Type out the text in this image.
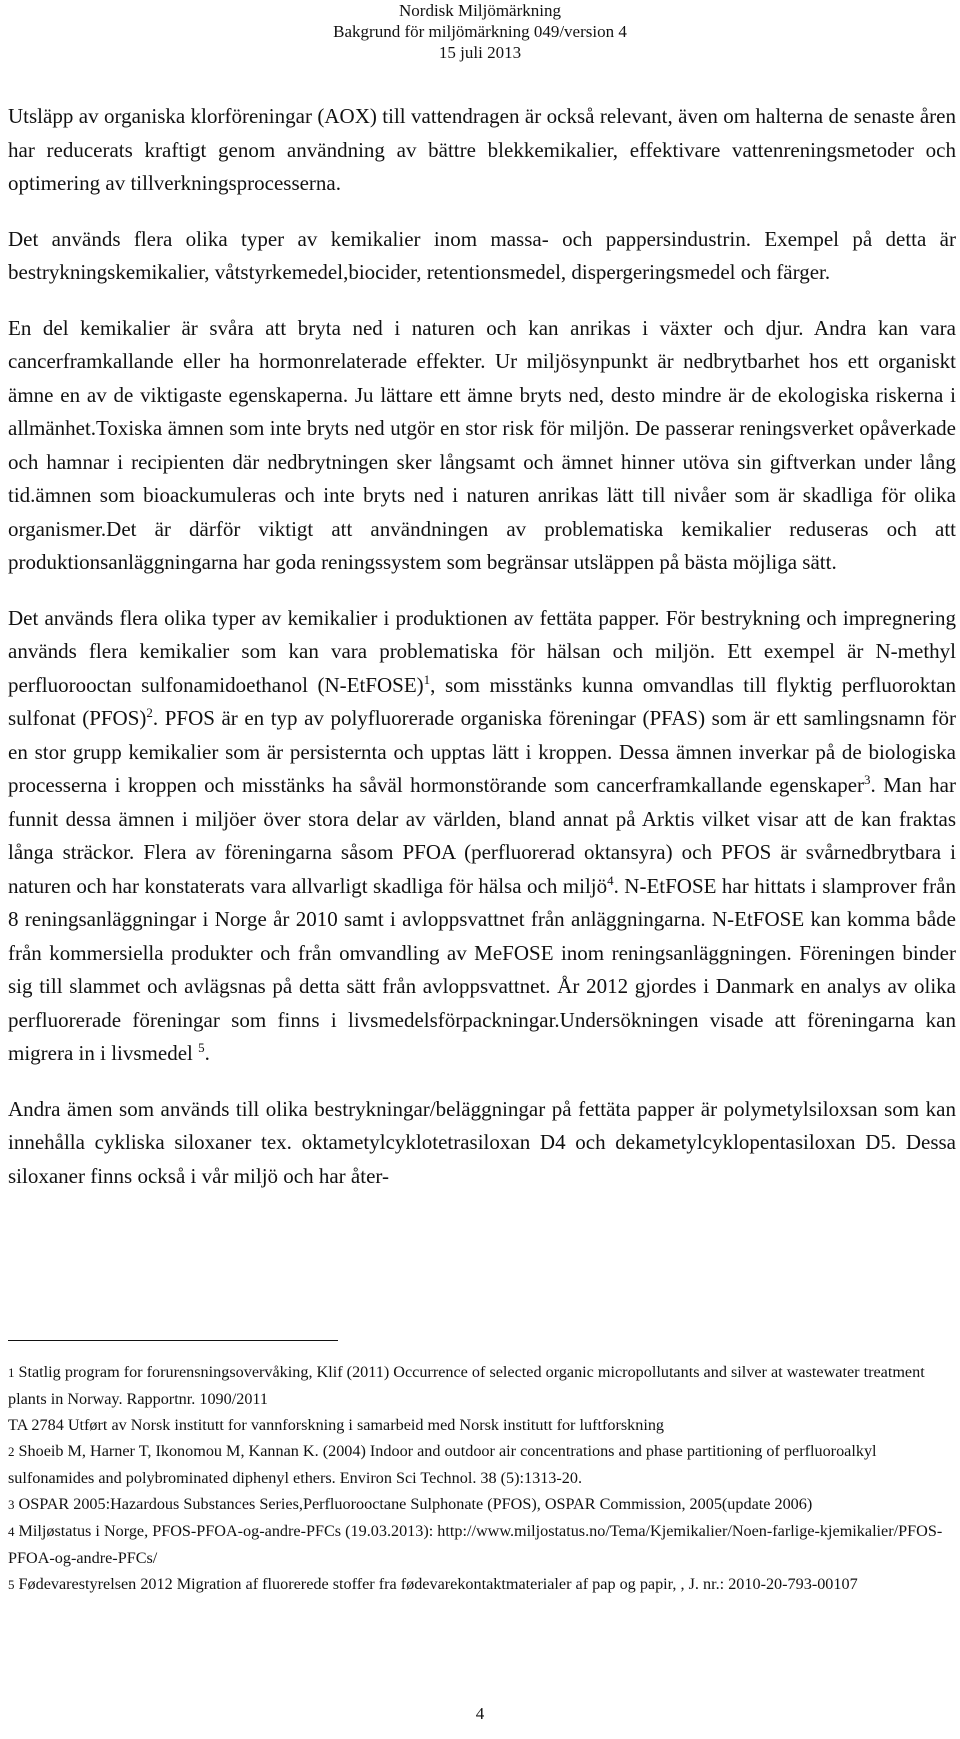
Nordisk Miljömärkning
Bakgrund för miljömärkning 049/version 4
15 juli 2013

Utsläpp av organiska klorföreningar (AOX) till vattendragen är också relevant, även om halterna de senaste åren har reducerats kraftigt genom användning av bättre blekkemikalier, effektivare vattenreningsmetoder och optimering av tillverkningsprocesserna.

Det används flera olika typer av kemikalier inom massa- och pappersindustrin. Exempel på detta är bestrykningskemikalier, våtstyrkemedel,biocider, retentionsmedel, dispergeringsmedel och färger.

En del kemikalier är svåra att bryta ned i naturen och kan anrikas i växter och djur. Andra kan vara cancerframkallande eller ha hormonrelaterade effekter. Ur miljösynpunkt är nedbrytbarhet hos ett organiskt ämne en av de viktigaste egenskaperna. Ju lättare ett ämne bryts ned, desto mindre är de ekologiska riskerna i allmänhet.Toxiska ämnen som inte bryts ned utgör en stor risk för miljön. De passerar reningsverket opåverkade och hamnar i recipienten där nedbrytningen sker långsamt och ämnet hinner utöva sin giftverkan under lång tid.ämnen som bioackumuleras och inte bryts ned i naturen anrikas lätt till nivåer som är skadliga för olika organismer.Det är därför viktigt att användningen av problematiska kemikalier reduseras och att produktionsanläggningarna har goda reningssystem som begränsar utsläppen på bästa möjliga sätt.

Det används flera olika typer av kemikalier i produktionen av fettäta papper. För bestrykning och impregnering används flera kemikalier som kan vara problematiska för hälsan och miljön. Ett exempel är N-methyl perfluorooctan sulfonamidoethanol (N-EtFOSE)$^1$, som misstänks kunna omvandlas till flyktig perfluoroktan sulfonat (PFOS)$^2$. PFOS är en typ av polyfluorerade organiska föreningar (PFAS) som är ett samlingsnamn för en stor grupp kemikalier som är persisternta och upptas lätt i kroppen. Dessa ämnen inverkar på de biologiska processerna i kroppen och misstänks ha såväl hormonstörande som cancerframkallande egenskaper$^3$. Man har funnit dessa ämnen i miljöer över stora delar av världen, bland annat på Arktis vilket visar att de kan fraktas långa sträckor. Flera av föreningarna såsom PFOA (perfluorerad oktansyra) och PFOS är svårnedbrytbara i naturen och har konstaterats vara allvarligt skadliga för hälsa och miljö$^4$. N-EtFOSE har hittats i slamprover från 8 reningsanläggningar i Norge år 2010 samt i avloppsvattnet från anläggningarna. N-EtFOSE kan komma både från kommersiella produkter och från omvandling av MeFOSE inom reningsanläggningen. Föreningen binder sig till slammet och avlägsnas på detta sätt från avloppsvattnet. År 2012 gjordes i Danmark en analys av olika perfluorerade föreningar som finns i livsmedelsförpackningar.Undersökningen visade att föreningarna kan migrera in i livsmedel $^5$.

Andra ämen som används till olika bestrykningar/beläggningar på fettäta papper är polymetylsiloxsan som kan innehålla cykliska siloxaner tex. oktametylcyklotetrasiloxan D4 och dekametylcyklopentasiloxan D5. Dessa siloxaner finns också i vår miljö och har åter-

1 Statlig program for forurensningsovervåking, Klif (2011) Occurrence of selected organic micropollutants and silver at wastewater treatment plants in Norway. Rapportnr. 1090/2011

TA 2784 Utført av Norsk institutt for vannforskning i samarbeid med Norsk institutt for luftforskning

2 Shoeib M, Harner T, Ikonomou M, Kannan K. (2004) Indoor and outdoor air concentrations and phase partitioning of perfluoroalkyl sulfonamides and polybrominated diphenyl ethers. Environ Sci Technol. 38 (5):1313-20.

3 OSPAR 2005:Hazardous Substances Series,Perfluorooctane Sulphonate (PFOS), OSPAR Commission, 2005(update 2006)

4 Miljøstatus i Norge, PFOS-PFOA-og-andre-PFCs (19.03.2013): http://www.miljostatus.no/Tema/Kjemikalier/Noen-farlige-kjemikalier/PFOS-PFOA-og-andre-PFCs/

5 Fødevarestyrelsen 2012 Migration af fluorerede stoffer fra fødevarekontaktmaterialer af pap og papir, , J. nr.: 2010-20-793-00107

4
